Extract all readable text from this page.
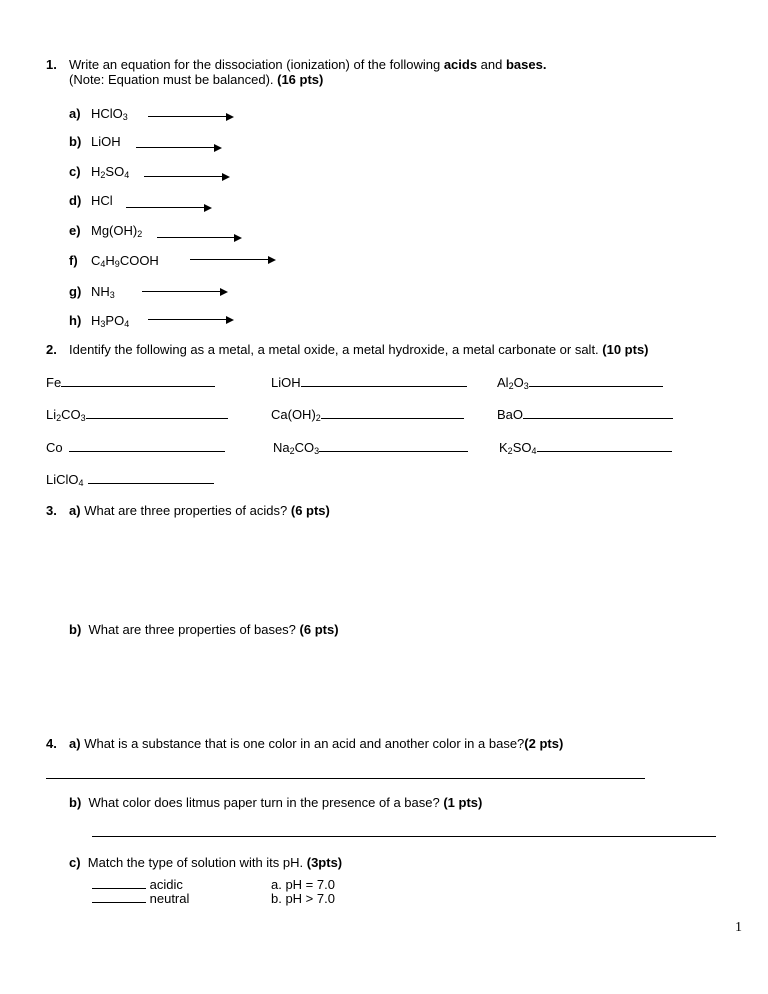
1. Write an equation for the dissociation (ionization) of the following acids and bases.
(Note: Equation must be balanced). (16 pts)
a) HClO$_3$
b) LiOH
c) $H_2SO_4$
d) HCl
e) $Mg(OH)_2$
f) $C_4H_9COOH$
g) $NH_3$
h) $H_3PO_4$
2. Identify the following as a metal, a metal oxide, a metal hydroxide, a metal carbonate or salt. (10 pts)
Fe
$Li_2CO_3$
Co
LiClO$_4$
LiOH
$Ca(OH)_2$
$Na_2CO_3$
$Al_2O_3$
BaO
$K_2SO_4$
3. a) What are three properties of acids? (6 pts)
b) What are three properties of bases? (6 pts)
4. a) What is a substance that is one color in an acid and another color in a base?(2 pts)
b) What color does litmus paper turn in the presence of a base? (1 pts)
c) Match the type of solution with its pH. (3pts)
acidic
neutral
a. pH = 7.0
b. pH > 7.0
1
